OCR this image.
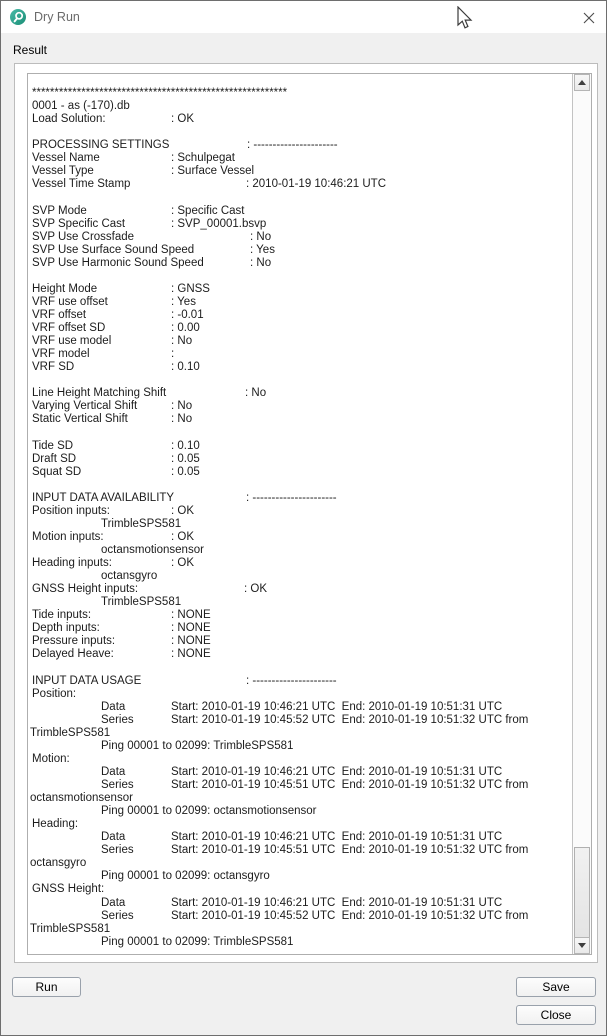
Dry Run
Result
*********************************************************
0001 - as (-170).db
Load Solution:	: OK
PROCESSING SETTINGS	: ----------------------
Vessel Name	: Schulpegat
Vessel Type	: Surface Vessel
Vessel Time Stamp	: 2010-01-19 10:46:21 UTC
SVP Mode	: Specific Cast
SVP Specific Cast	: SVP_00001.bsvp
SVP Use Crossfade	: No
SVP Use Surface Sound Speed	: Yes
SVP Use Harmonic Sound Speed	: No
Height Mode	: GNSS
VRF use offset	: Yes
VRF offset	: -0.01
VRF offset SD	: 0.00
VRF use model	: No
VRF model	:
VRF SD	: 0.10
Line Height Matching Shift	: No
Varying Vertical Shift	: No
Static Vertical Shift	: No
Tide SD	: 0.10
Draft SD	: 0.05
Squat SD	: 0.05
INPUT DATA AVAILABILITY	: ----------------------
Position inputs:	: OK
TrimbleSPS581
Motion inputs:	: OK
octansmotionsensor
Heading inputs:	: OK
octansgyro
GNSS Height inputs:	: OK
TrimbleSPS581
Tide inputs:	: NONE
Depth inputs:	: NONE
Pressure inputs:	: NONE
Delayed Heave:	: NONE
INPUT DATA USAGE	: ----------------------
Position:
Data	Start: 2010-01-19 10:46:21 UTC  End: 2010-01-19 10:51:31 UTC
Series	Start: 2010-01-19 10:45:52 UTC  End: 2010-01-19 10:51:32 UTC from
TrimbleSPS581
Ping 00001 to 02099: TrimbleSPS581
Motion:
Data	Start: 2010-01-19 10:46:21 UTC  End: 2010-01-19 10:51:31 UTC
Series	Start: 2010-01-19 10:45:51 UTC  End: 2010-01-19 10:51:32 UTC from
octansmotionsensor
Ping 00001 to 02099: octansmotionsensor
Heading:
Data	Start: 2010-01-19 10:46:21 UTC  End: 2010-01-19 10:51:31 UTC
Series	Start: 2010-01-19 10:45:51 UTC  End: 2010-01-19 10:51:32 UTC from
octansgyro
Ping 00001 to 02099: octansgyro
GNSS Height:
Data	Start: 2010-01-19 10:46:21 UTC  End: 2010-01-19 10:51:31 UTC
Series	Start: 2010-01-19 10:45:52 UTC  End: 2010-01-19 10:51:32 UTC from
TrimbleSPS581
Ping 00001 to 02099: TrimbleSPS581
Run	Save
Close
